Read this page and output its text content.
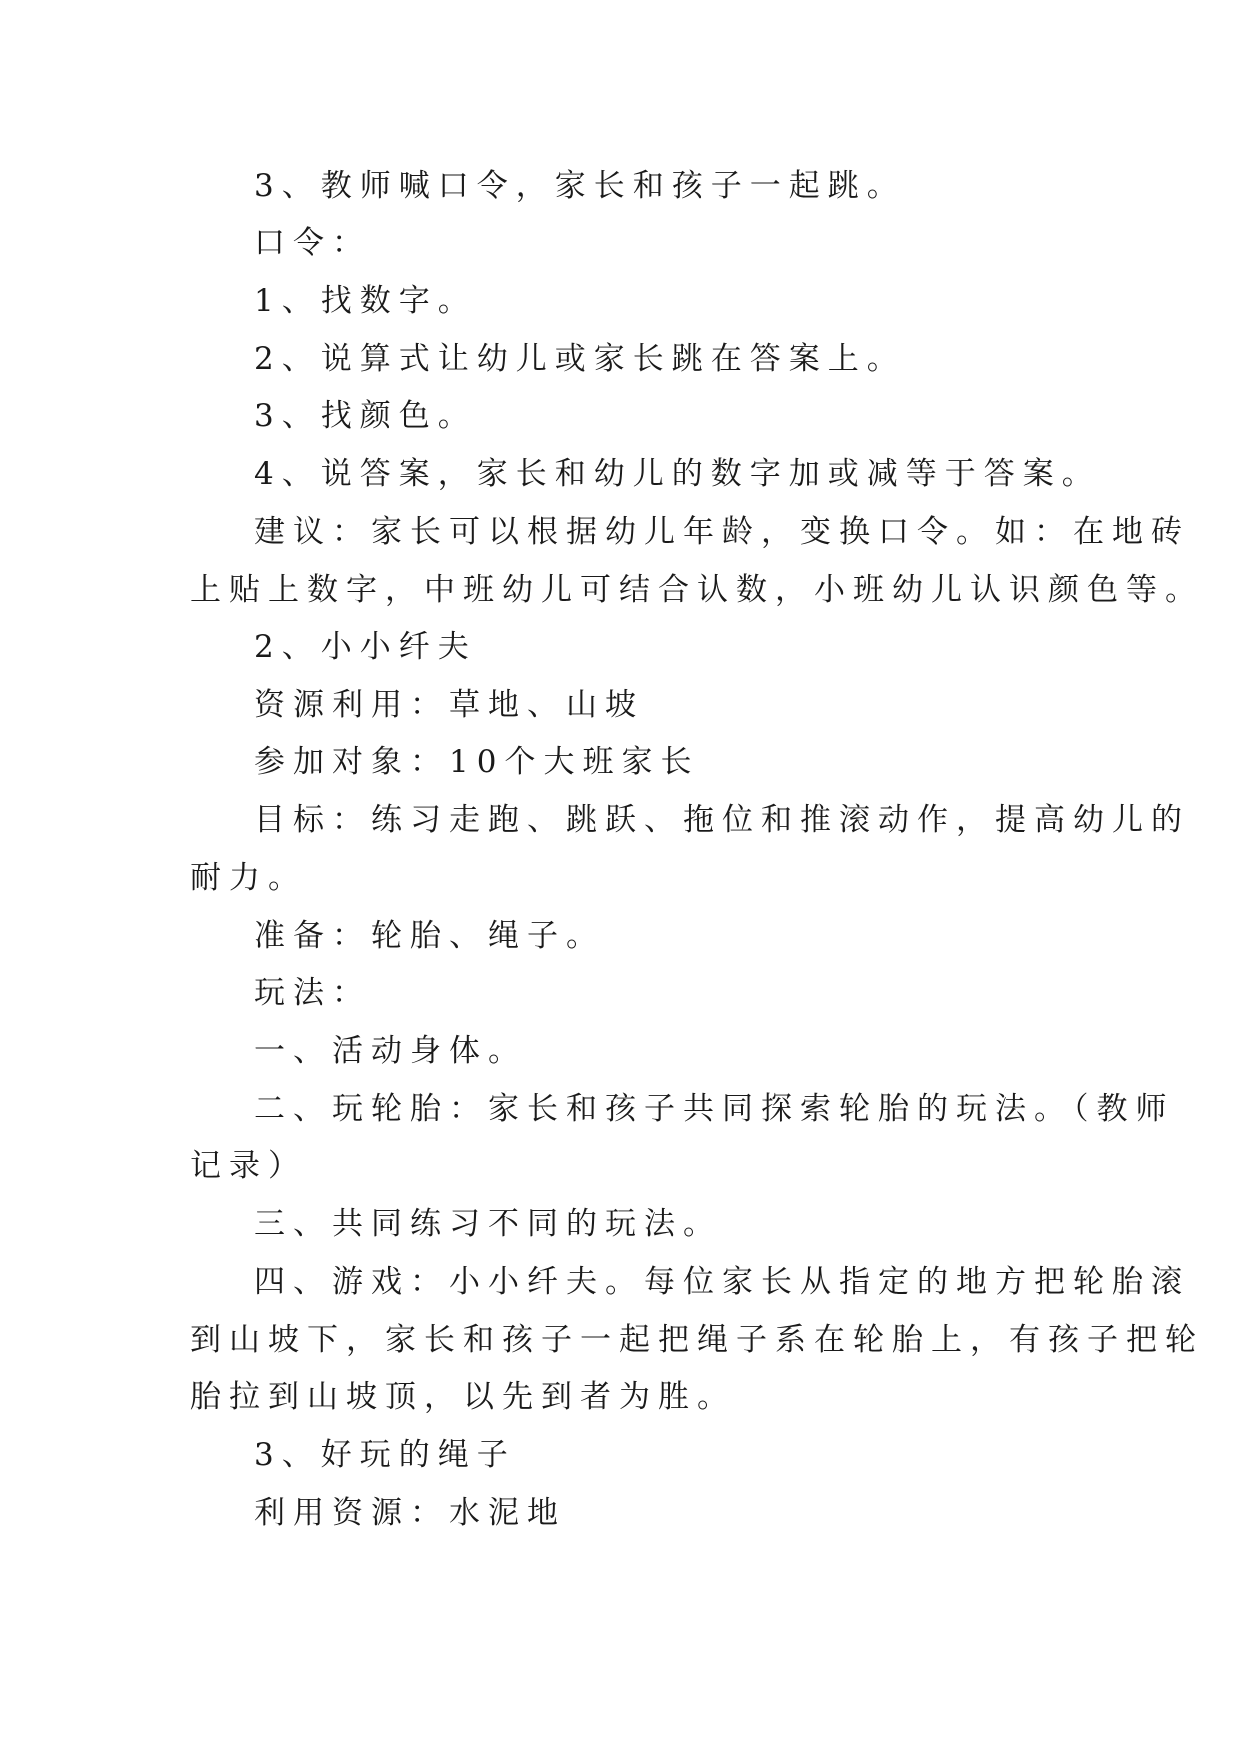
3、教师喊口令，家长和孩子一起跳。
口令：
1、找数字。
2、说算式让幼儿或家长跳在答案上。
3、找颜色。
4、说答案，家长和幼儿的数字加或减等于答案。
建议：家长可以根据幼儿年龄，变换口令。如：在地砖
上贴上数字，中班幼儿可结合认数，小班幼儿认识颜色等。
2、小小纤夫
资源利用：草地、山坡
参加对象：10个大班家长
目标：练习走跑、跳跃、拖位和推滚动作，提高幼儿的
耐力。
准备：轮胎、绳子。
玩法：
一、活动身体。
二、玩轮胎：家长和孩子共同探索轮胎的玩法。（教师
记录）
三、共同练习不同的玩法。
四、游戏：小小纤夫。每位家长从指定的地方把轮胎滚
到山坡下，家长和孩子一起把绳子系在轮胎上，有孩子把轮
胎拉到山坡顶，以先到者为胜。
3、好玩的绳子
利用资源：水泥地
